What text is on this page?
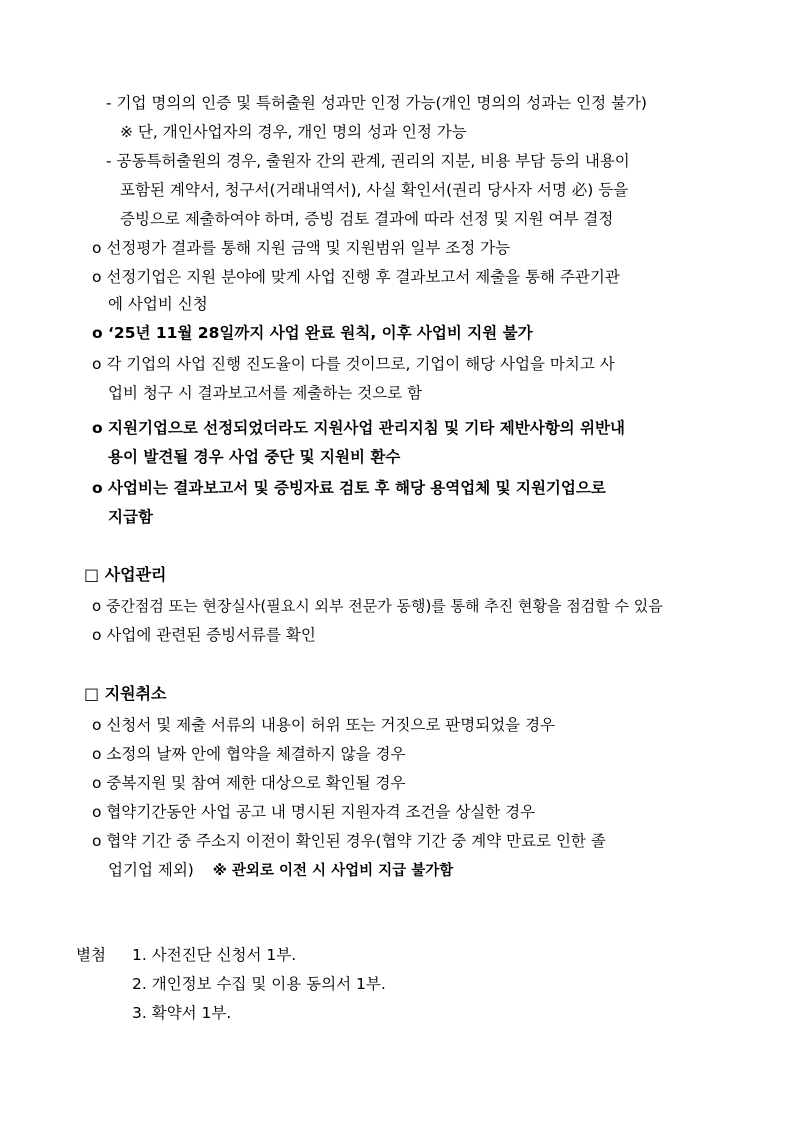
- 기업 명의의 인증 및 특허출원 성과만 인정 가능(개인 명의의 성과는 인정 불가)
※ 단, 개인사업자의 경우, 개인 명의 성과 인정 가능
- 공동특허출원의 경우, 출원자 간의 관계, 권리의 지분, 비용 부담 등의 내용이
포함된 계약서, 청구서(거래내역서), 사실 확인서(권리 당사자 서명 必) 등을
증빙으로 제출하여야 하며, 증빙 검토 결과에 따라 선정 및 지원 여부 결정
o 선정평가 결과를 통해 지원 금액 및 지원범위 일부 조정 가능
o 선정기업은 지원 분야에 맞게 사업 진행 후 결과보고서 제출을 통해 주관기관
에 사업비 신청
o ‘25년 11월 28일까지 사업 완료 원칙, 이후 사업비 지원 불가
o 각 기업의 사업 진행 진도율이 다를 것이므로, 기업이 해당 사업을 마치고 사
업비 청구 시 결과보고서를 제출하는 것으로 함
o 지원기업으로 선정되었더라도 지원사업 관리지침 및 기타 제반사항의 위반내
용이 발견될 경우 사업 중단 및 지원비 환수
o 사업비는 결과보고서 및 증빙자료 검토 후 해당 용역업체 및 지원기업으로
지급함
□ 사업관리
o 중간점검 또는 현장실사(필요시 외부 전문가 동행)를 통해 추진 현황을 점검할 수 있음
o 사업에 관련된 증빙서류를 확인
□ 지원취소
o 신청서 및 제출 서류의 내용이 허위 또는 거짓으로 판명되었을 경우
o 소정의 날짜 안에 협약을 체결하지 않을 경우
o 중복지원 및 참여 제한 대상으로 확인될 경우
o 협약기간동안 사업 공고 내 명시된 지원자격 조건을 상실한 경우
o 협약 기간 중 주소지 이전이 확인된 경우(협약 기간 중 계약 만료로 인한 졸
업기업 제외) ※ 관외로 이전 시 사업비 지급 불가함
별첨 1. 사전진단 신청서 1부.
2. 개인정보 수집 및 이용 동의서 1부.
3. 확약서 1부.
